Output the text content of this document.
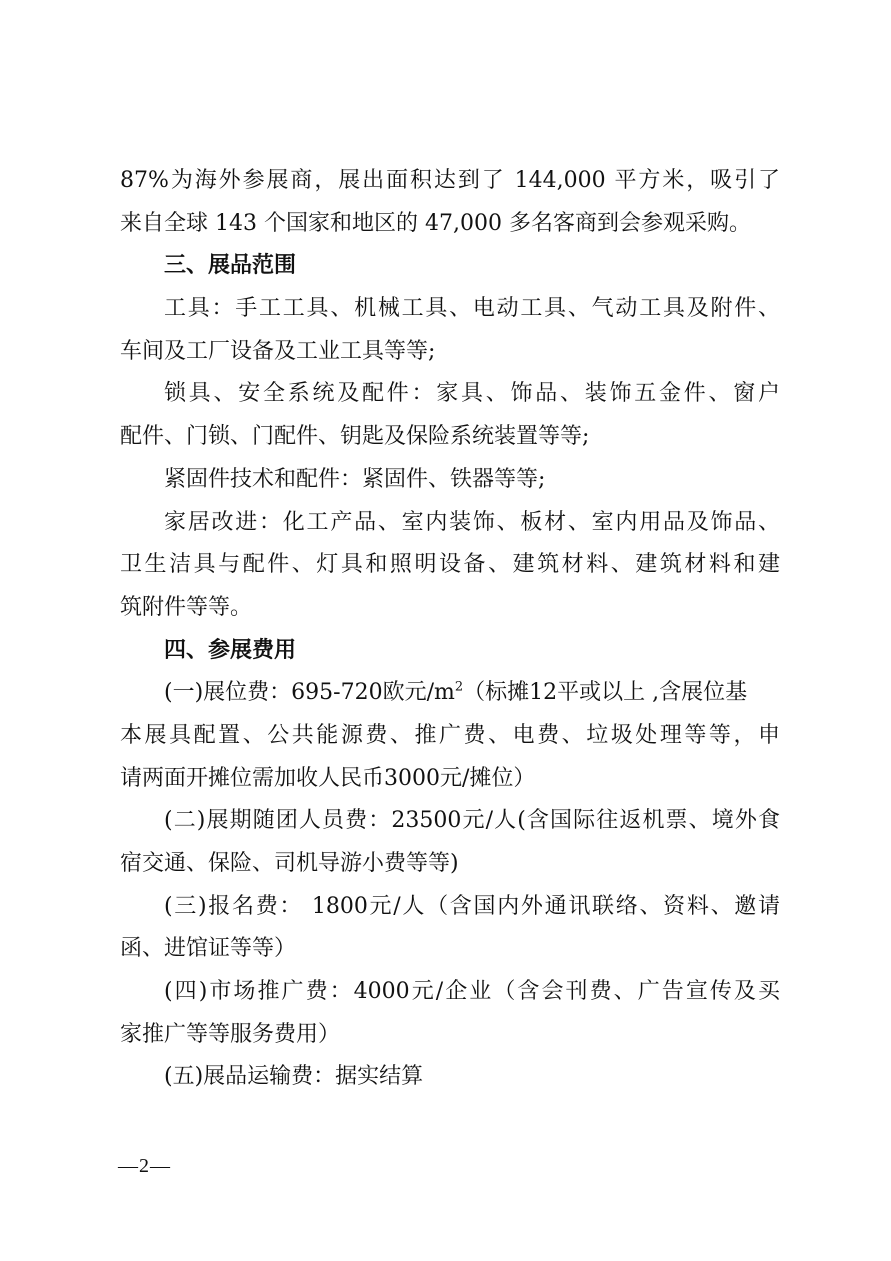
87%为海外参展商，展出面积达到了 144,000 平方米，吸引了
来自全球 143 个国家和地区的 47,000 多名客商到会参观采购。
三、展品范围
工具：手工工具、机械工具、电动工具、气动工具及附件、
车间及工厂设备及工业工具等等;
锁具、安全系统及配件：家具、饰品、装饰五金件、窗户
配件、门锁、门配件、钥匙及保险系统装置等等;
紧固件技术和配件：紧固件、铁器等等;
家居改进：化工产品、室内装饰、板材、室内用品及饰品、
卫生洁具与配件、灯具和照明设备、建筑材料、建筑材料和建
筑附件等等。
四、参展费用
(一)展位费：695-720欧元$/m^2$（标摊12平或以上 ,含展位基
本展具配置、公共能源费、推广费、电费、垃圾处理等等，申
请两面开摊位需加收人民币3000元/摊位）
(二)展期随团人员费：23500元/人(含国际往返机票、境外食
宿交通、保险、司机导游小费等等)
(三)报名费： 1800元/人（含国内外通讯联络、资料、邀请
函、进馆证等等）
(四)市场推广费：4000元/企业（含会刊费、广告宣传及买
家推广等等服务费用）
(五)展品运输费：据实结算
—2—
